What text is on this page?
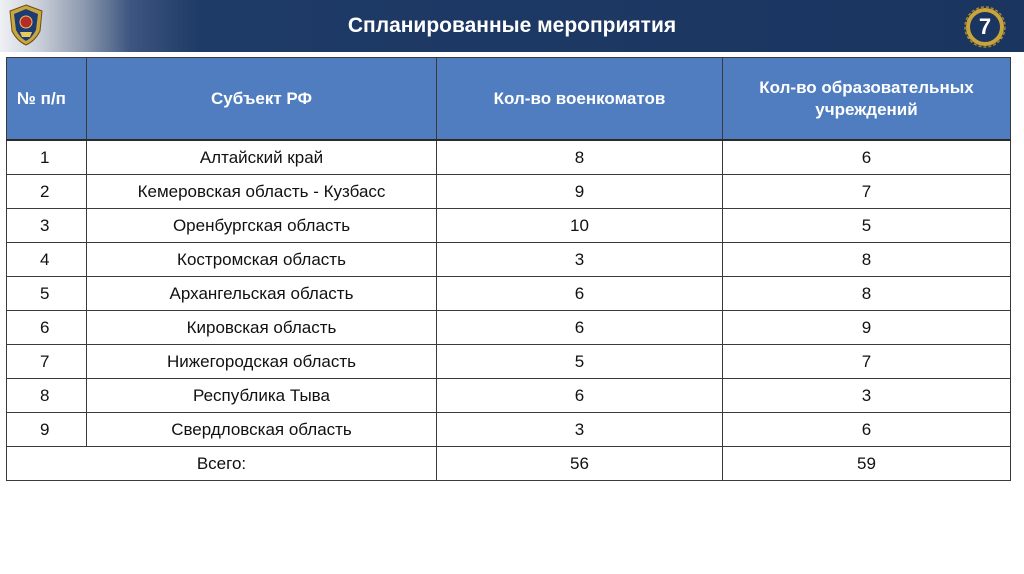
Спланированные мероприятия	7
№ п/п	Субъект РФ	Кол-во военкоматов	Кол-во образовательных учреждений
1	Алтайский край	8	6
2	Кемеровская область - Кузбасс	9	7
3	Оренбургская область	10	5
4	Костромская область	3	8
5	Архангельская область	6	8
6	Кировская область	6	9
7	Нижегородская область	5	7
8	Республика Тыва	6	3
9	Свердловская область	3	6
Всего:		56	59
